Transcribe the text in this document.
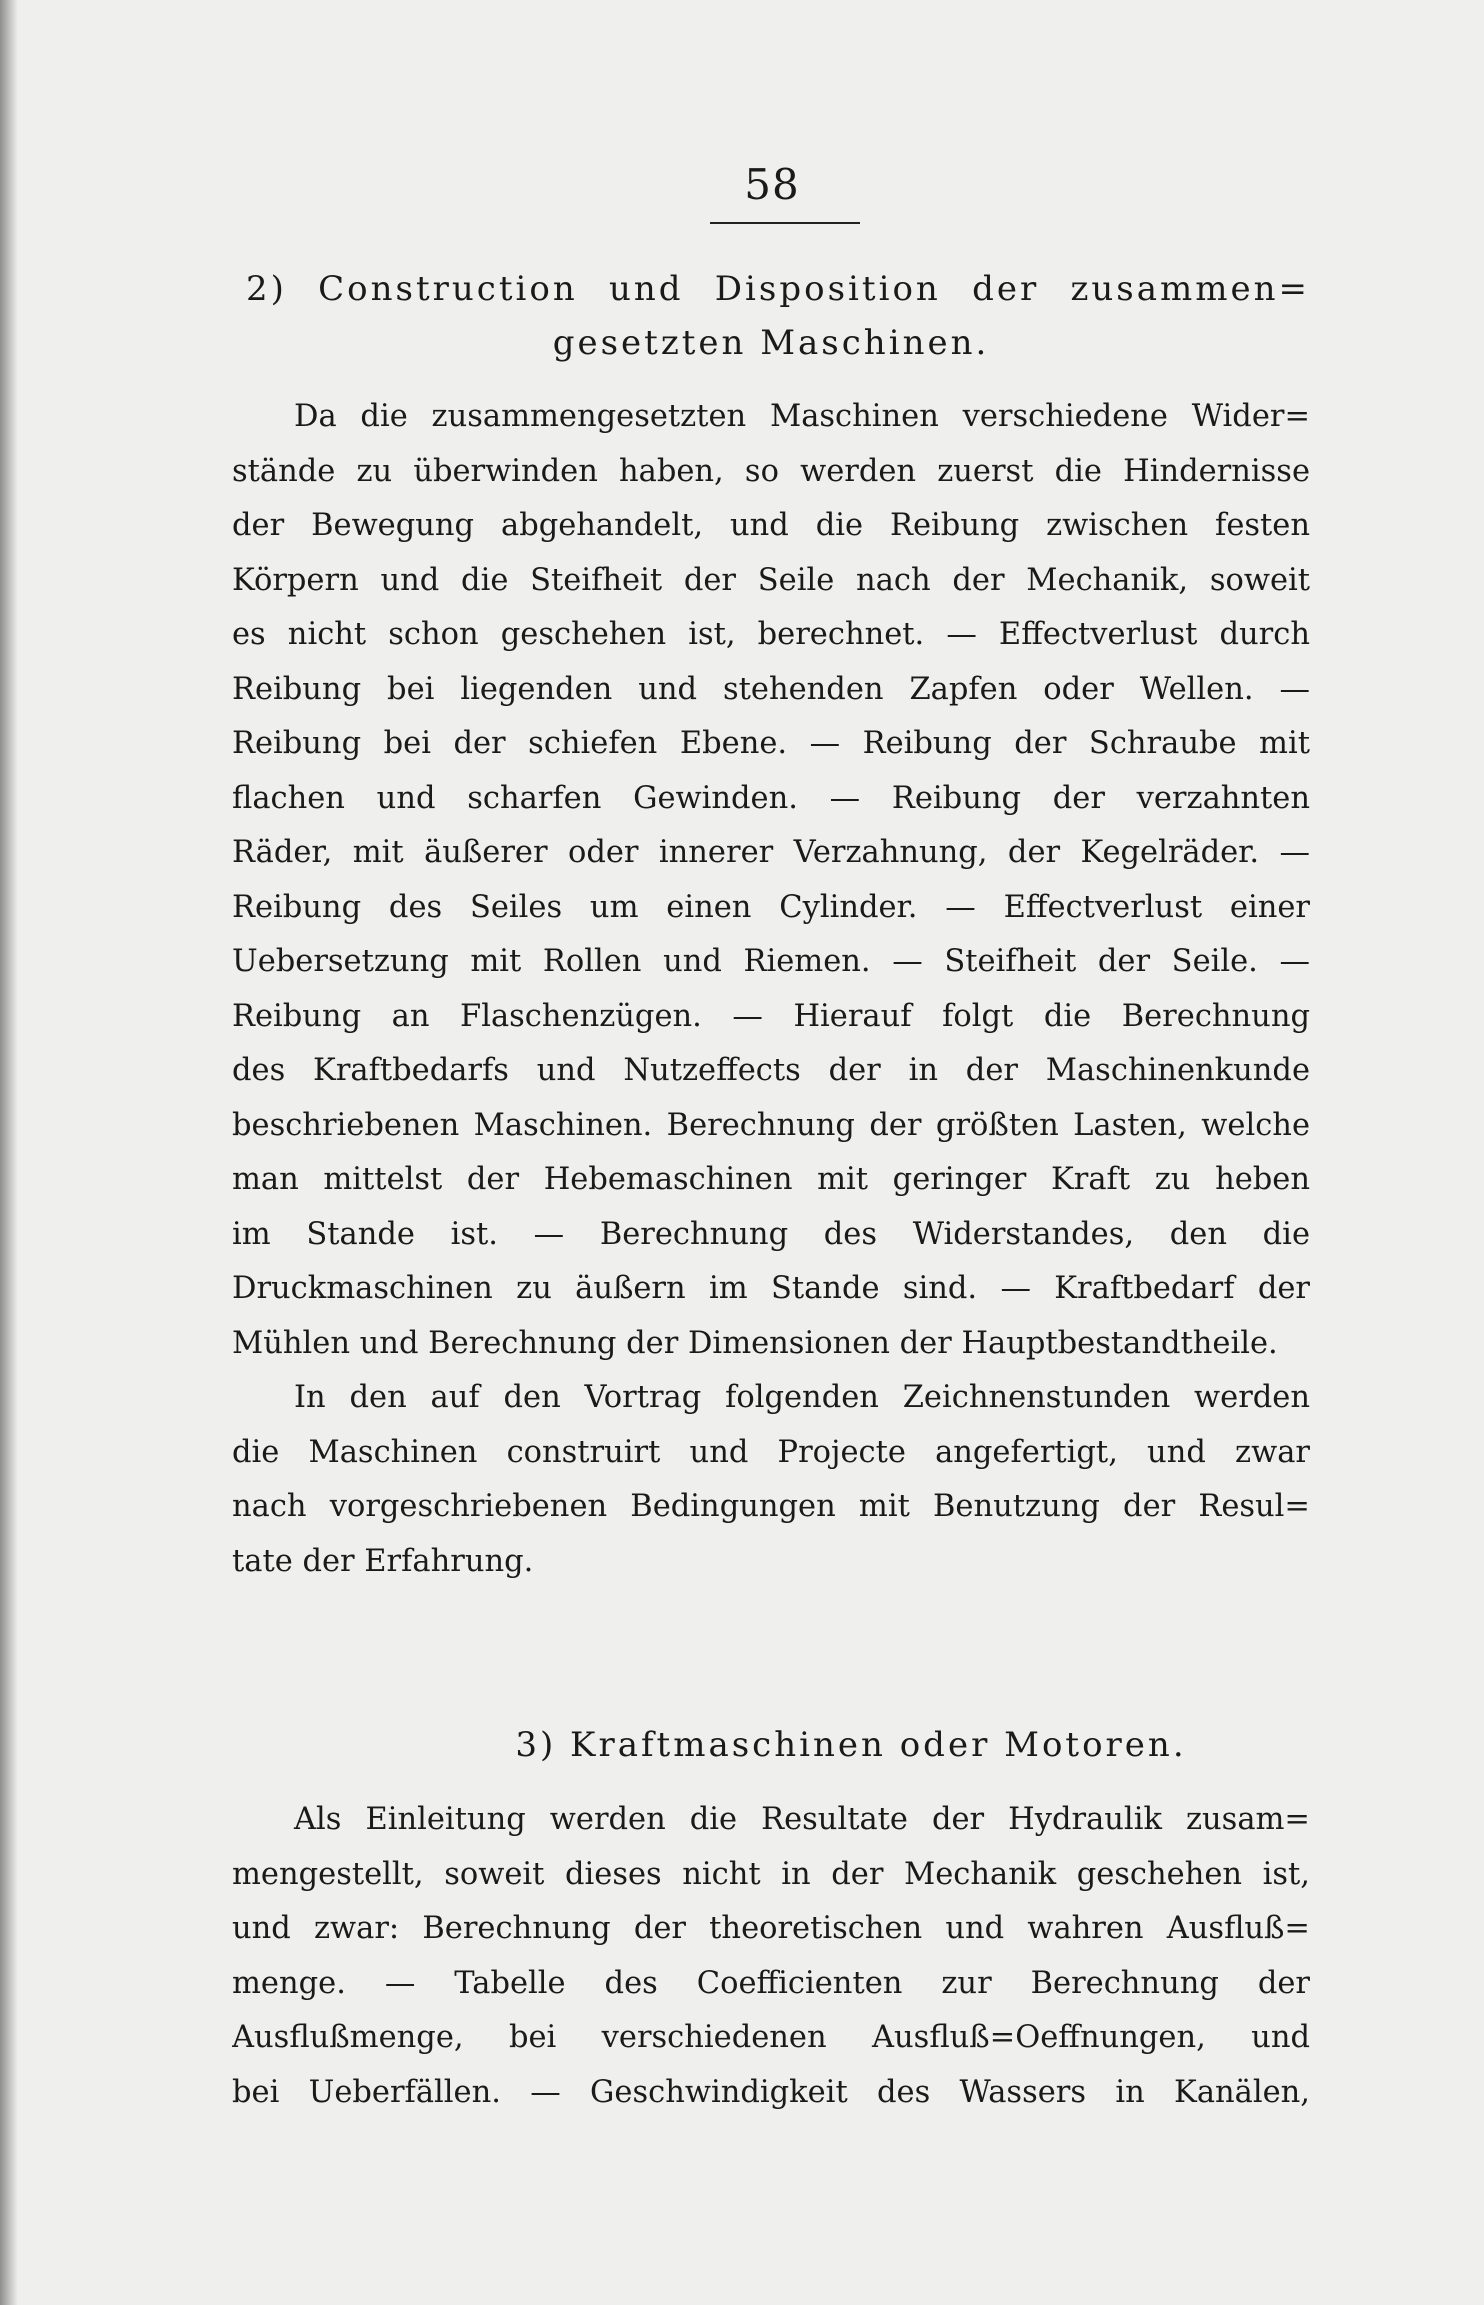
58
2) Construction und Disposition der zusammen=
gesetzten Maschinen.
Da die zusammengesetzten Maschinen verschiedene Wider=
stände zu überwinden haben, so werden zuerst die Hindernisse
der Bewegung abgehandelt, und die Reibung zwischen festen
Körpern und die Steifheit der Seile nach der Mechanik, soweit
es nicht schon geschehen ist, berechnet. — Effectverlust durch
Reibung bei liegenden und stehenden Zapfen oder Wellen. —
Reibung bei der schiefen Ebene. — Reibung der Schraube mit
flachen und scharfen Gewinden. — Reibung der verzahnten
Räder, mit äußerer oder innerer Verzahnung, der Kegelräder. —
Reibung des Seiles um einen Cylinder. — Effectverlust einer
Uebersetzung mit Rollen und Riemen. — Steifheit der Seile. —
Reibung an Flaschenzügen. — Hierauf folgt die Berechnung
des Kraftbedarfs und Nutzeffects der in der Maschinenkunde
beschriebenen Maschinen. Berechnung der größten Lasten, welche
man mittelst der Hebemaschinen mit geringer Kraft zu heben
im Stande ist. — Berechnung des Widerstandes, den die
Druckmaschinen zu äußern im Stande sind. — Kraftbedarf der
Mühlen und Berechnung der Dimensionen der Hauptbestandtheile.
In den auf den Vortrag folgenden Zeichnenstunden werden
die Maschinen construirt und Projecte angefertigt, und zwar
nach vorgeschriebenen Bedingungen mit Benutzung der Resul=
tate der Erfahrung.
3) Kraftmaschinen oder Motoren.
Als Einleitung werden die Resultate der Hydraulik zusam=
mengestellt, soweit dieses nicht in der Mechanik geschehen ist,
und zwar: Berechnung der theoretischen und wahren Ausfluß=
menge. — Tabelle des Coefficienten zur Berechnung der
Ausflußmenge, bei verschiedenen Ausfluß=Oeffnungen, und
bei Ueberfällen. — Geschwindigkeit des Wassers in Kanälen,
